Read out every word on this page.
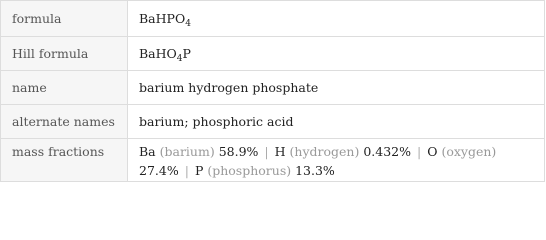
formula	BaHPO$_4$
Hill formula	BaHO$_4$P
name	barium hydrogen phosphate
alternate names	barium; phosphoric acid
mass fractions	Ba (barium) 58.9% | H (hydrogen) 0.432% | O (oxygen)
27.4% | P (phosphorus) 13.3%
